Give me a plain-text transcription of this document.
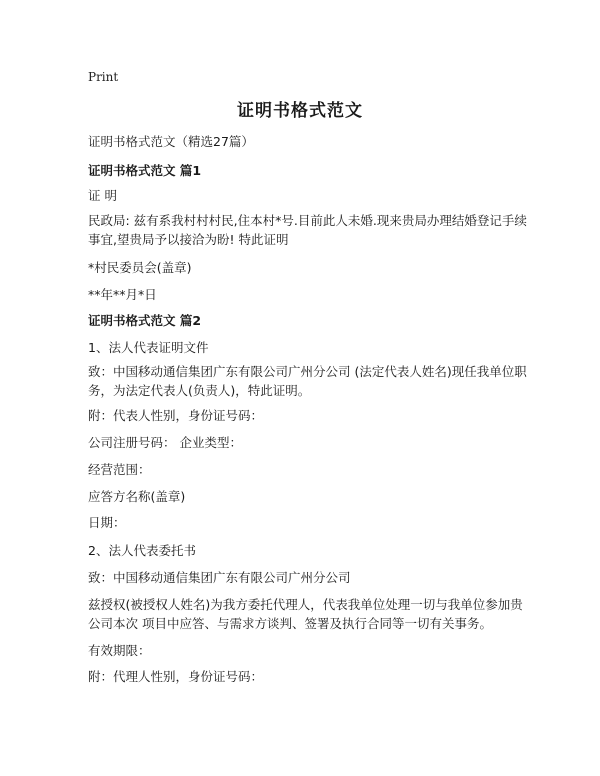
Print
证明书格式范文
证明书格式范文（精选27篇）
证明书格式范文 篇1
证 明
民政局: 兹有系我村村村民,住本村*号.目前此人未婚.现来贵局办理结婚登记手续事宜,望贵局予以接洽为盼! 特此证明
*村民委员会(盖章)
**年**月*日
证明书格式范文 篇2
1、法人代表证明文件
致：中国移动通信集团广东有限公司广州分公司 (法定代表人姓名)现任我单位职务，为法定代表人(负责人)，特此证明。
附：代表人性别，身份证号码：
公司注册号码： 企业类型：
经营范围：
应答方名称(盖章)
日期：
2、法人代表委托书
致：中国移动通信集团广东有限公司广州分公司
兹授权(被授权人姓名)为我方委托代理人，代表我单位处理一切与我单位参加贵公司本次 项目中应答、与需求方谈判、签署及执行合同等一切有关事务。
有效期限：
附：代理人性别，身份证号码：
